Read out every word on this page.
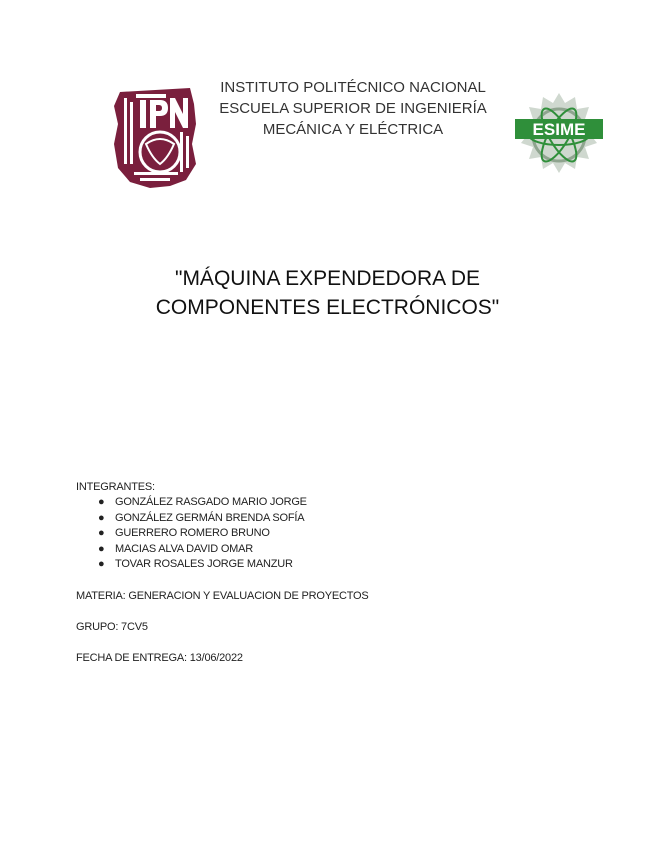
INSTITUTO POLITÉCNICO NACIONAL
ESCUELA SUPERIOR DE INGENIERÍA
MECÁNICA Y ELÉCTRICA	ESIME
"MÁQUINA EXPENDEDORA DE
COMPONENTES ELECTRÓNICOS"
INTEGRANTES:
● GONZÁLEZ RASGADO MARIO JORGE
● GONZÁLEZ GERMÁN BRENDA SOFÍA
● GUERRERO ROMERO BRUNO
● MACIAS ALVA DAVID OMAR
● TOVAR ROSALES JORGE MANZUR
MATERIA: GENERACION Y EVALUACION DE PROYECTOS
GRUPO: 7CV5
FECHA DE ENTREGA: 13/06/2022
